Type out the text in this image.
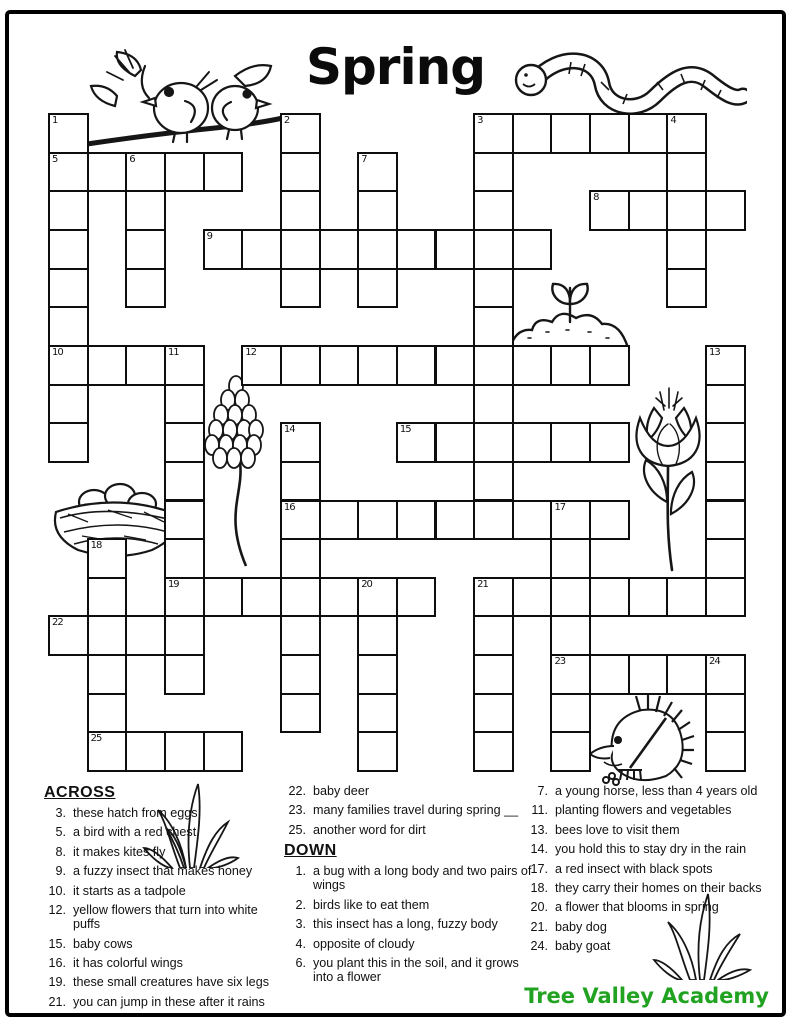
Spring
3	4
5	6
8
9
10	11	12
15
16	17
19	20	21
22
23	24
25
1	2
7
13
14
18
ACROSS
3. these hatch from eggs
5. a bird with a red chest
8. it makes kites fly
9. a fuzzy insect that makes honey
10. it starts as a tadpole
12. yellow flowers that turn into white puffs
15. baby cows
16. it has colorful wings
19. these small creatures have six legs
21. you can jump in these after it rains
22. baby deer
23. many families travel during spring __
25. another word for dirt
DOWN
1. a bug with a long body and two pairs of wings
2. birds like to eat them
3. this insect has a long, fuzzy body
4. opposite of cloudy
6. you plant this in the soil, and it grows into a flower
7. a young horse, less than 4 years old
11. planting flowers and vegetables
13. bees love to visit them
14. you hold this to stay dry in the rain
17. a red insect with black spots
18. they carry their homes on their backs
20. a flower that blooms in spring
21. baby dog
24. baby goat
Tree Valley Academy
